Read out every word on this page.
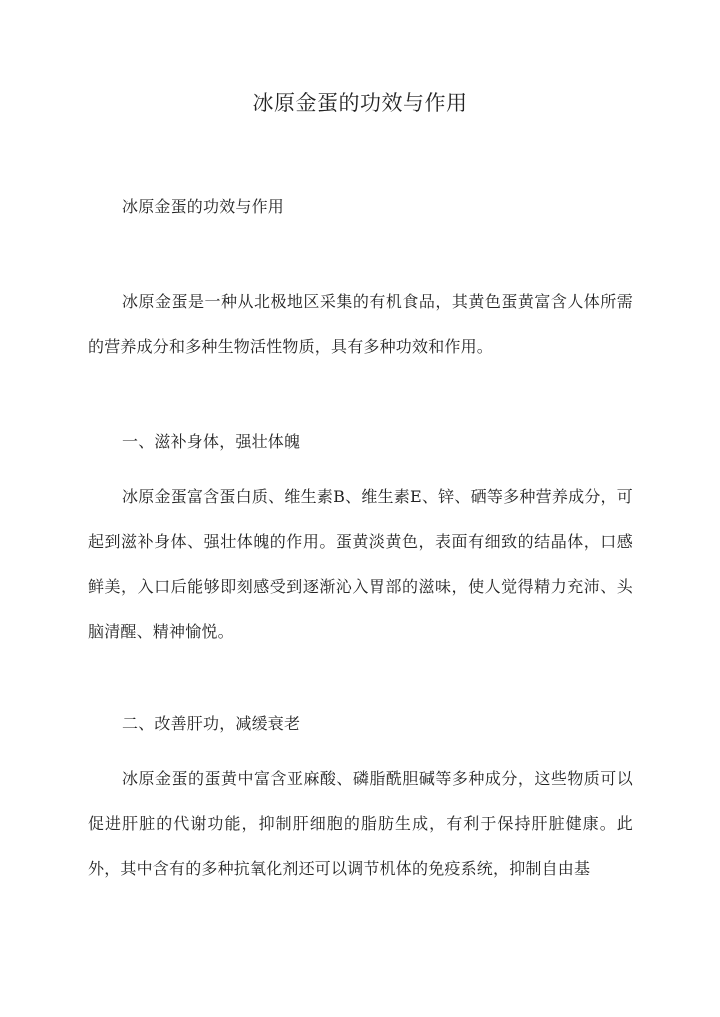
冰原金蛋的功效与作用

冰原金蛋的功效与作用

冰原金蛋是一种从北极地区采集的有机食品，其黄色蛋黄富含人体所需的营养成分和多种生物活性物质，具有多种功效和作用。

一、滋补身体，强壮体魄

冰原金蛋富含蛋白质、维生素B、维生素E、锌、硒等多种营养成分，可起到滋补身体、强壮体魄的作用。蛋黄淡黄色，表面有细致的结晶体，口感鲜美，入口后能够即刻感受到逐渐沁入胃部的滋味，使人觉得精力充沛、头脑清醒、精神愉悦。

二、改善肝功，减缓衰老

冰原金蛋的蛋黄中富含亚麻酸、磷脂酰胆碱等多种成分，这些物质可以促进肝脏的代谢功能，抑制肝细胞的脂肪生成，有利于保持肝脏健康。此外，其中含有的多种抗氧化剂还可以调节机体的免疫系统，抑制自由基
